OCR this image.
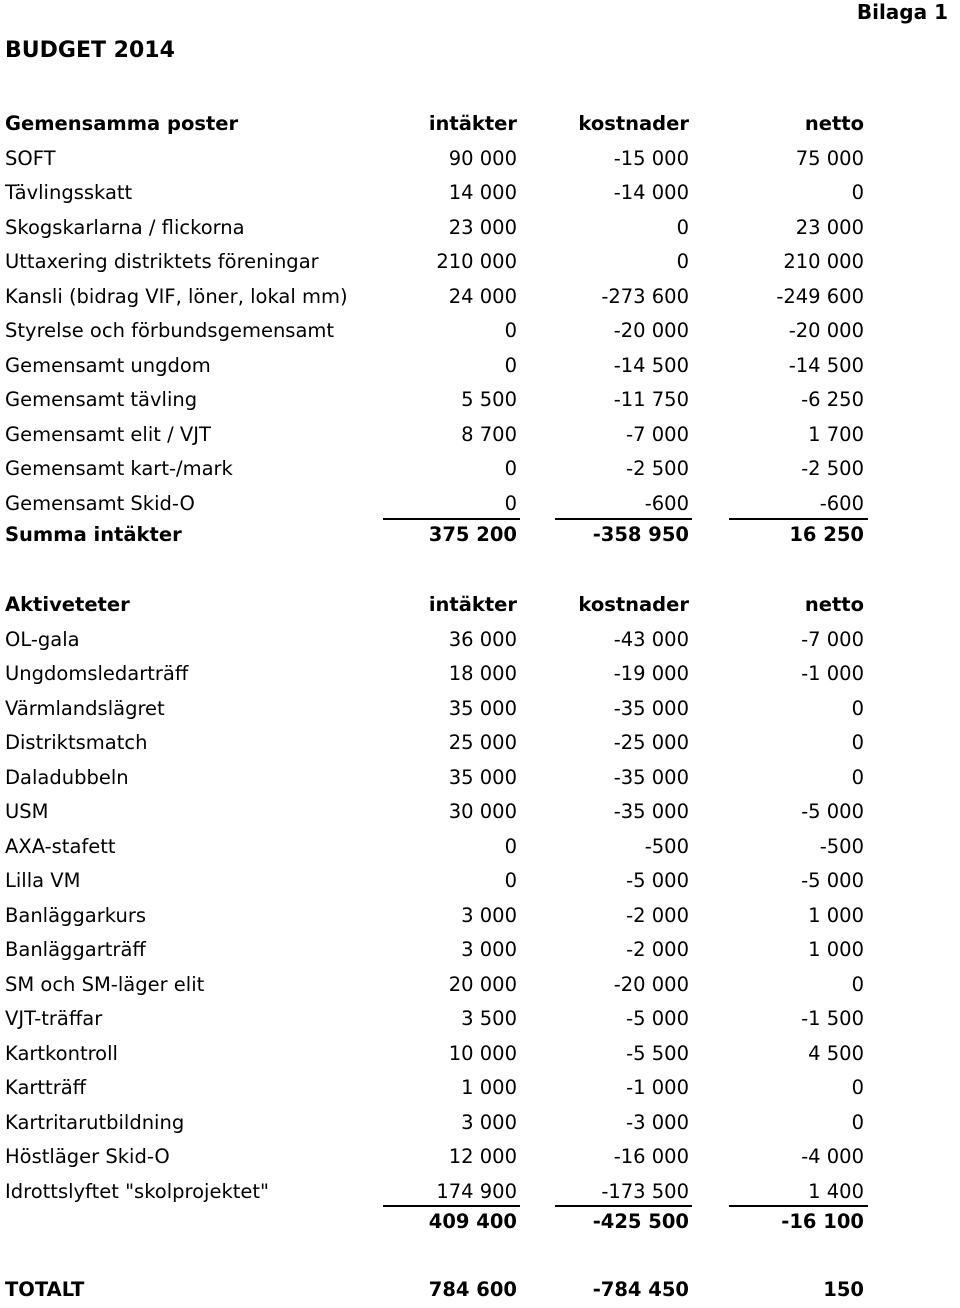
Bilaga 1
BUDGET 2014
Gemensamma poster	intäkter	kostnader	netto
SOFT	90 000	-15 000	75 000
Tävlingsskatt	14 000	-14 000	0
Skogskarlarna / flickorna	23 000	0	23 000
Uttaxering distriktets föreningar	210 000	0	210 000
Kansli (bidrag VIF, löner, lokal mm)	24 000	-273 600	-249 600
Styrelse och förbundsgemensamt	0	-20 000	-20 000
Gemensamt ungdom	0	-14 500	-14 500
Gemensamt tävling	5 500	-11 750	-6 250
Gemensamt elit / VJT	8 700	-7 000	1 700
Gemensamt kart-/mark	0	-2 500	-2 500
Gemensamt Skid-O	0	-600	-600
Summa intäkter	375 200	-358 950	16 250
Aktiveteter	intäkter	kostnader	netto
OL-gala	36 000	-43 000	-7 000
Ungdomsledarträff	18 000	-19 000	-1 000
Värmlandslägret	35 000	-35 000	0
Distriktsmatch	25 000	-25 000	0
Daladubbeln	35 000	-35 000	0
USM	30 000	-35 000	-5 000
AXA-stafett	0	-500	-500
Lilla VM	0	-5 000	-5 000
Banläggarkurs	3 000	-2 000	1 000
Banläggarträff	3 000	-2 000	1 000
SM och SM-läger elit	20 000	-20 000	0
VJT-träffar	3 500	-5 000	-1 500
Kartkontroll	10 000	-5 500	4 500
Kartträff	1 000	-1 000	0
Kartritarutbildning	3 000	-3 000	0
Höstläger Skid-O	12 000	-16 000	-4 000
Idrottslyftet "skolprojektet"	174 900	-173 500	1 400
409 400	-425 500	-16 100
TOTALT	784 600	-784 450	150
